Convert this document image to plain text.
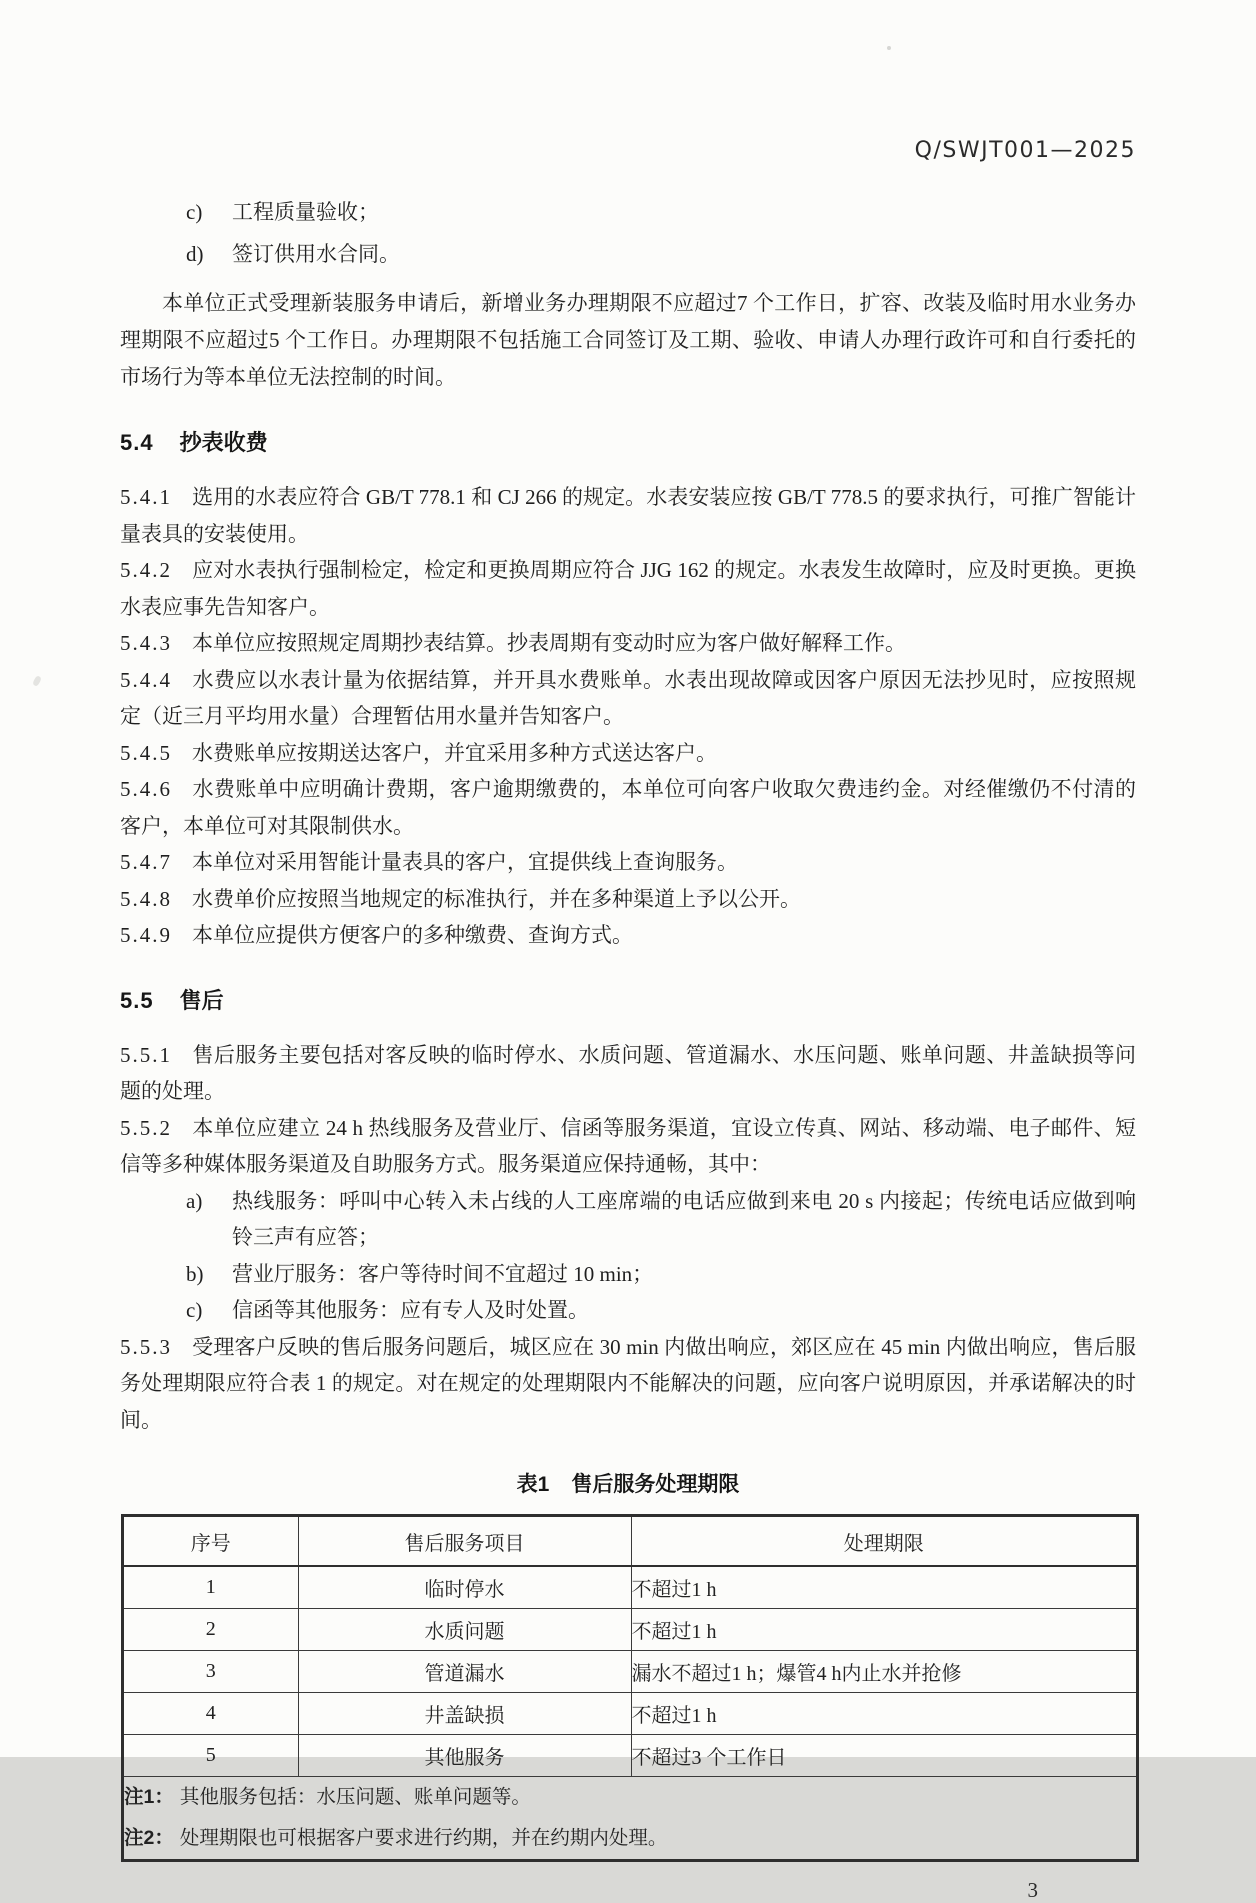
Q/SWJT001—2025

c)	工程质量验收；
d)	签订供用水合同。

本单位正式受理新装服务申请后，新增业务办理期限不应超过7 个工作日，扩容、改装及临时用水业务办理期限不应超过5 个工作日。办理期限不包括施工合同签订及工期、验收、申请人办理行政许可和自行委托的市场行为等本单位无法控制的时间。

5.4 抄表收费

5.4.1 选用的水表应符合 GB/T 778.1 和 CJ 266 的规定。水表安装应按 GB/T 778.5 的要求执行，可推广智能计量表具的安装使用。

5.4.2 应对水表执行强制检定，检定和更换周期应符合 JJG 162 的规定。水表发生故障时，应及时更换。更换水表应事先告知客户。

5.4.3 本单位应按照规定周期抄表结算。抄表周期有变动时应为客户做好解释工作。

5.4.4 水费应以水表计量为依据结算，并开具水费账单。水表出现故障或因客户原因无法抄见时，应按照规定（近三月平均用水量）合理暂估用水量并告知客户。

5.4.5 水费账单应按期送达客户，并宜采用多种方式送达客户。

5.4.6 水费账单中应明确计费期，客户逾期缴费的，本单位可向客户收取欠费违约金。对经催缴仍不付清的客户，本单位可对其限制供水。

5.4.7 本单位对采用智能计量表具的客户，宜提供线上查询服务。

5.4.8 水费单价应按照当地规定的标准执行，并在多种渠道上予以公开。

5.4.9 本单位应提供方便客户的多种缴费、查询方式。

5.5 售后

5.5.1 售后服务主要包括对客反映的临时停水、水质问题、管道漏水、水压问题、账单问题、井盖缺损等问题的处理。

5.5.2 本单位应建立 24 h 热线服务及营业厅、信函等服务渠道，宜设立传真、网站、移动端、电子邮件、短信等多种媒体服务渠道及自助服务方式。服务渠道应保持通畅，其中：

a)	热线服务：呼叫中心转入未占线的人工座席端的电话应做到来电 20 s 内接起；传统电话应做到响铃三声有应答；
b)	营业厅服务：客户等待时间不宜超过 10 min；
c)	信函等其他服务：应有专人及时处置。

5.5.3 受理客户反映的售后服务问题后，城区应在 30 min 内做出响应，郊区应在 45 min 内做出响应，售后服务处理期限应符合表 1 的规定。对在规定的处理期限内不能解决的问题，应向客户说明原因，并承诺解决的时间。

表1 售后服务处理期限

序号	售后服务项目	处理期限
1	临时停水	不超过1 h
2	水质问题	不超过1 h
3	管道漏水	漏水不超过1 h；爆管4 h内止水并抢修
4	井盖缺损	不超过1 h
5	其他服务	不超过3 个工作日

注1： 其他服务包括：水压问题、账单问题等。
注2： 处理期限也可根据客户要求进行约期，并在约期内处理。		

3
